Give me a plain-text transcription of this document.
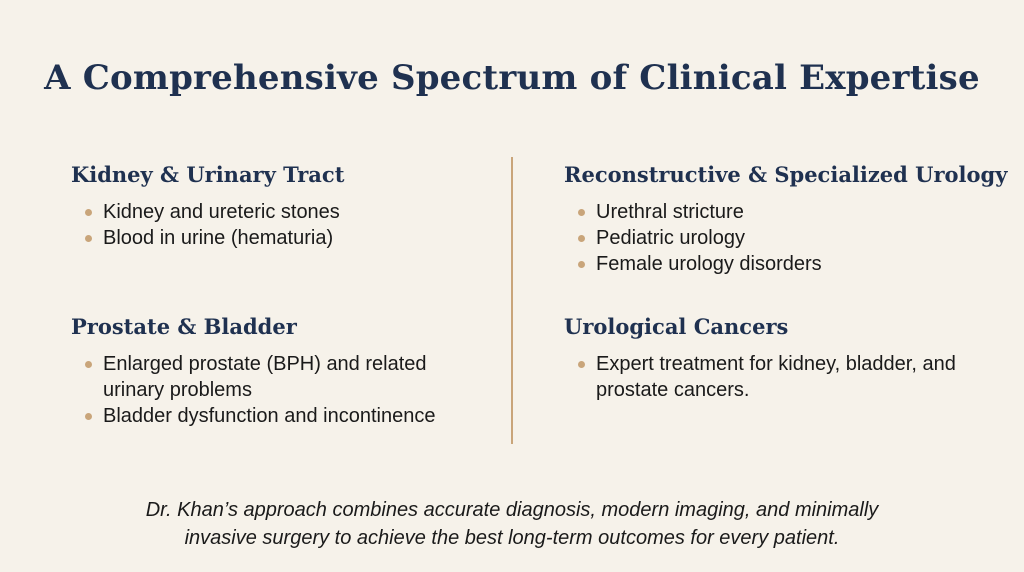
A Comprehensive Spectrum of Clinical Expertise
Kidney & Urinary Tract
Kidney and ureteric stones
Blood in urine (hematuria)
Prostate & Bladder
Enlarged prostate (BPH) and related urinary problems
Bladder dysfunction and incontinence
Reconstructive & Specialized Urology
Urethral stricture
Pediatric urology
Female urology disorders
Urological Cancers
Expert treatment for kidney, bladder, and prostate cancers.
Dr. Khan’s approach combines accurate diagnosis, modern imaging, and minimally
invasive surgery to achieve the best long-term outcomes for every patient.
